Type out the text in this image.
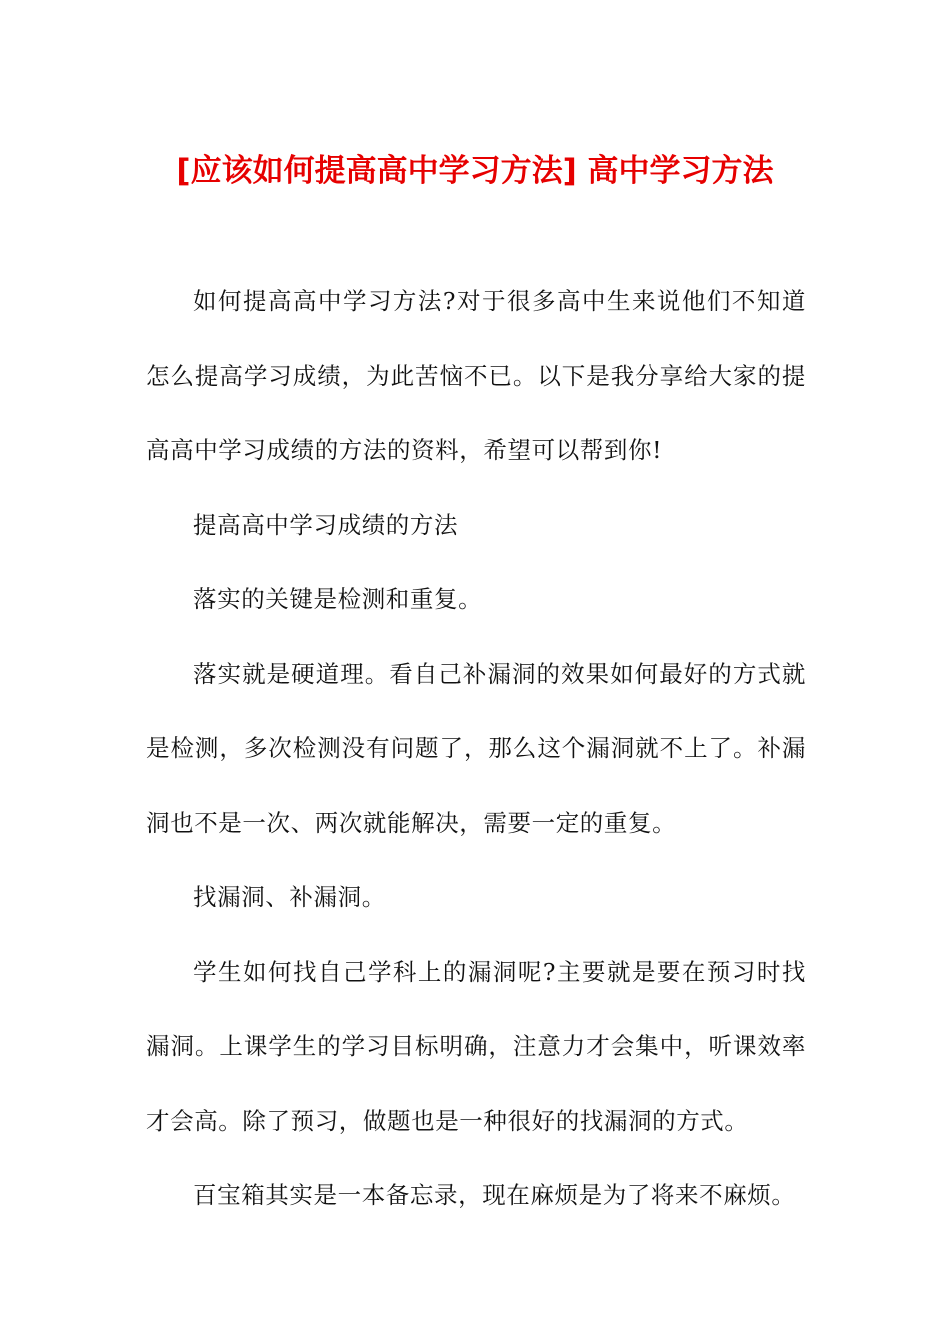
[应该如何提高高中学习方法] 高中学习方法

如何提高高中学习方法?对于很多高中生来说他们不知道怎么提高学习成绩，为此苦恼不已。以下是我分享给大家的提高高中学习成绩的方法的资料，希望可以帮到你!

提高高中学习成绩的方法

落实的关键是检测和重复。

落实就是硬道理。看自己补漏洞的效果如何最好的方式就是检测，多次检测没有问题了，那么这个漏洞就不上了。补漏洞也不是一次、两次就能解决，需要一定的重复。

找漏洞、补漏洞。

学生如何找自己学科上的漏洞呢?主要就是要在预习时找漏洞。上课学生的学习目标明确，注意力才会集中，听课效率才会高。除了预习，做题也是一种很好的找漏洞的方式。

百宝箱其实是一本备忘录，现在麻烦是为了将来不麻烦。
